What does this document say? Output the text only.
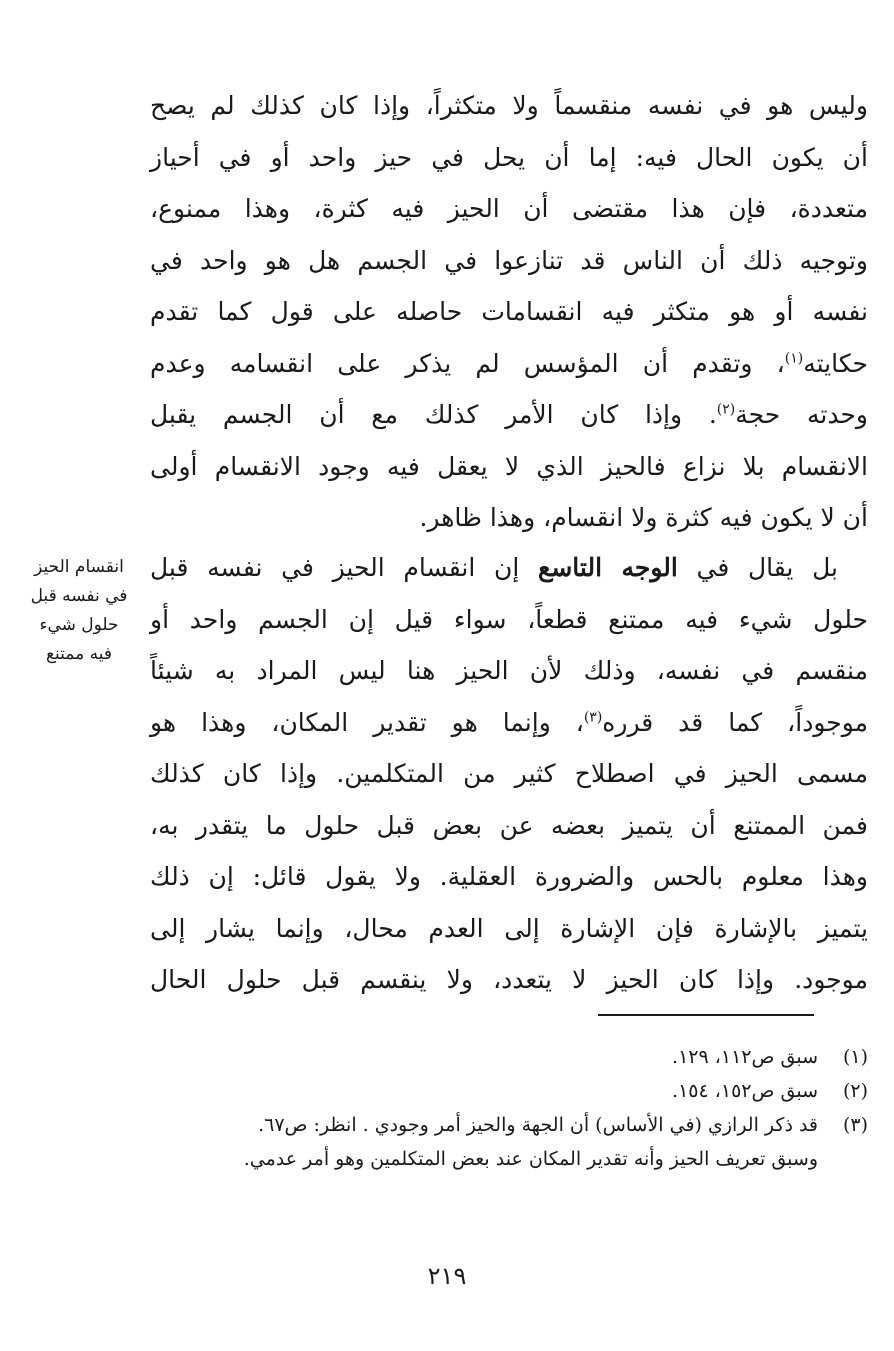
وليس هو في نفسه منقسماً ولا متكثراً، وإذا كان كذلك لم يصح
أن يكون الحال فيه: إما أن يحل في حيز واحد أو في أحياز
متعددة، فإن هذا مقتضى أن الحيز فيه كثرة، وهذا ممنوع،
وتوجيه ذلك أن الناس قد تنازعوا في الجسم هل هو واحد في
نفسه أو هو متكثر فيه انقسامات حاصله على قول كما تقدم
حكايته$^{(١)}$، وتقدم أن المؤسس لم يذكر على انقسامه وعدم
وحدته حجة$^{(٢)}$. وإذا كان الأمر كذلك مع أن الجسم يقبل
الانقسام بلا نزاع فالحيز الذي لا يعقل فيه وجود الانقسام أولى
أن لا يكون فيه كثرة ولا انقسام، وهذا ظاهر.
بل يقال في الوجه التاسع إن انقسام الحيز في نفسه قبل
حلول شيء فيه ممتنع قطعاً، سواء قيل إن الجسم واحد أو
منقسم في نفسه، وذلك لأن الحيز هنا ليس المراد به شيئاً
موجوداً، كما قد قرره$^{(٣)}$، وإنما هو تقدير المكان، وهذا هو
مسمى الحيز في اصطلاح كثير من المتكلمين. وإذا كان كذلك
فمن الممتنع أن يتميز بعضه عن بعض قبل حلول ما يتقدر به،
وهذا معلوم بالحس والضرورة العقلية. ولا يقول قائل: إن ذلك
يتميز بالإشارة فإن الإشارة إلى العدم محال، وإنما يشار إلى
موجود. وإذا كان الحيز لا يتعدد، ولا ينقسم قبل حلول الحال
انقسام الحيز
في نفسه قبل
حلول شيء
فيه ممتنع
(١)
سبق ص١١٢، ١٢٩.
(٢)
سبق ص١٥٢، ١٥٤.
(٣)
قد ذكر الرازي (في الأساس) أن الجهة والحيز أمر وجودي . انظر: ص٦٧.
وسبق تعريف الحيز وأنه تقدير المكان عند بعض المتكلمين وهو أمر عدمي.
٢١٩
